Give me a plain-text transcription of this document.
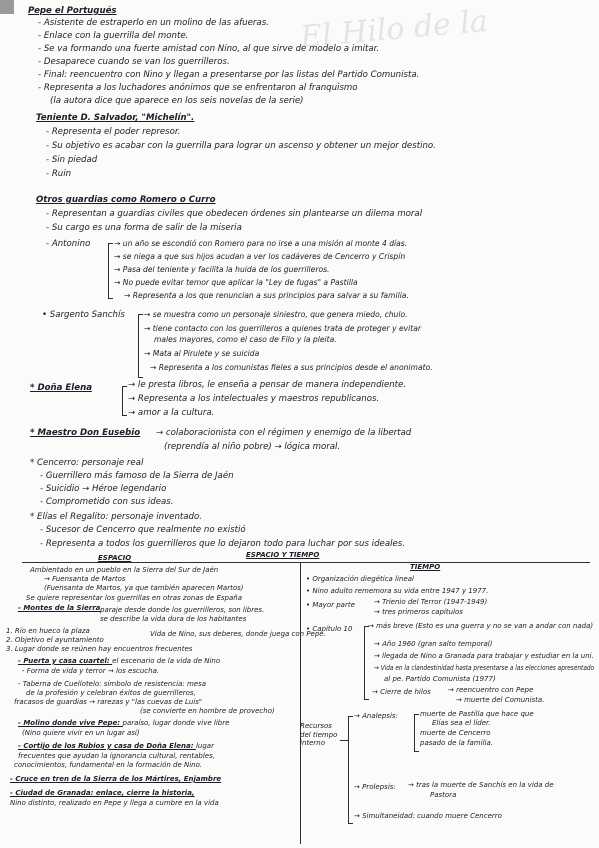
El Hilo de la
Pepe el Portugués
- Asistente de estraperlo en un molino de las afueras.
- Enlace con la guerrilla del monte.
- Se va formando una fuerte amistad con Nino, al que sirve de modelo a imitar.
- Desaparece cuando se van los guerrilleros.
- Final: reencuentro con Nino y llegan a presentarse por las listas del Partido Comunista.
- Representa a los luchadores anónimos que se enfrentaron al franquismo
(la autora dice que aparece en los seis novelas de la serie)
Teniente D. Salvador, "Michelín".
- Representa el poder represor.
- Su objetivo es acabar con la guerrilla para lograr un ascenso y obtener un mejor destino.
- Sin piedad
- Ruin
Otros guardias como Romero o Curro
- Representan a guardias civiles que obedecen órdenes sin plantearse un dilema moral
- Su cargo es una forma de salir de la miseria
- Antonino	→ un año se escondió con Romero para no irse a una misión al monte 4 días.
→ se niega a que sus hijos acudan a ver los cadáveres de Cencerro y Crispín
→ Pasa del teniente y facilita la huida de los guerrilleros.
→ No puede evitar temor que aplicar la "Ley de fugas" a Pastilla
→ Representa a los que renuncian a sus principios para salvar a su familia.
• Sargento Sanchís	→ se muestra como un personaje siniestro, que genera miedo, chulo.
→ tiene contacto con los guerrilleros a quienes trata de proteger y evitar
males mayores, como el caso de Filo y la pleita.
→ Mata al Pirulete y se suicida
→ Representa a los comunistas fieles a sus principios desde el anonimato.
* Doña Elena	→ le presta libros, le enseña a pensar de manera independiente.
→ Representa a los intelectuales y maestros republicanos.
→ amor a la cultura.
* Maestro Don Eusebio → colaboracionista con el régimen y enemigo de la libertad
(reprendía al niño pobre) → lógica moral.
* Cencerro: personaje real
- Guerrillero más famoso de la Sierra de Jaén
- Suicidio → Héroe legendario
- Comprometido con sus ideas.
* Elías el Regalito: personaje inventado.
- Sucesor de Cencerro que realmente no existió
- Representa a todos los guerrilleros que lo dejaron todo para luchar por sus ideales.
ESPACIO Y TIEMPO
ESPACIO
Ambientado en un pueblo en la Sierra del Sur de Jaén
→ Fuensanta de Martos
(Fuensanta de Martos, ya que también aparecen Martos)
Se quiere representar los guerrillas en otras zonas de España
- Montes de la Sierra paraje desde donde los guerrilleros, son libres.
se describe la vida dura de los habitantes
1. Río en hueco la plaza
2. Objetivo el ayuntamiento
3. Lugar donde se reúnen hay encuentros frecuentes
Vida de Nino, sus deberes, donde juega con Pepe.
- Puerta y casa cuartel: el escenario de la vida de Nino
- Forma de vida y terror → los escucha.
- Taberna de Cuellotelo: símbolo de resistencia: mesa
de la profesión y celebran éxitos de guerrilleros,
fracasos de guardias → rarezas y "las cuevas de Luis"
(se convierte en hombre de provecho)
- Molino donde vive Pepe: paraíso, lugar donde vive libre
(Nino quiere vivir en un lugar así)
- Cortijo de los Rubios y casa de Doña Elena: lugar
frecuentes que ayudan la ignorancia cultural, rentables,
conocimientos, fundamental en la formación de Nino.
- Cruce en tren de la Sierra de los Mártires, Enjambre
- Ciudad de Granada: enlace, cierre la historia,
Nino distinto, realizado en Pepe y llega a cumbre en la vida
TIEMPO
• Organización diegética lineal
• Nino adulto rememora su vida entre 1947 y 1977.
• Mayor parte	→ Trienio del Terror (1947-1949)
→ tres primeros capítulos
• Capítulo 10 → más breve (Esto es una guerra y no se van a andar con nada)
→ Año 1960 (gran salto temporal)
→ llegada de Nino a Granada para trabajar y estudiar en la uni.
→ Vida en la clandestinidad hasta presentarse a las elecciones apresentado
al pe. Partido Comunista (1977)
→ Cierre de hilos → reencuentro con Pepe
→ muerte del Comunista.
Recursos del tiempo interno
→ Analepsis:	muerte de Pastilla que hace que
Elías sea el líder.
muerte de Cencerro
pasado de la familia.
→ Prolepsis: → tras la muerte de Sanchís en la vida de
Pastora
→ Simultaneidad: cuando muere Cencerro
